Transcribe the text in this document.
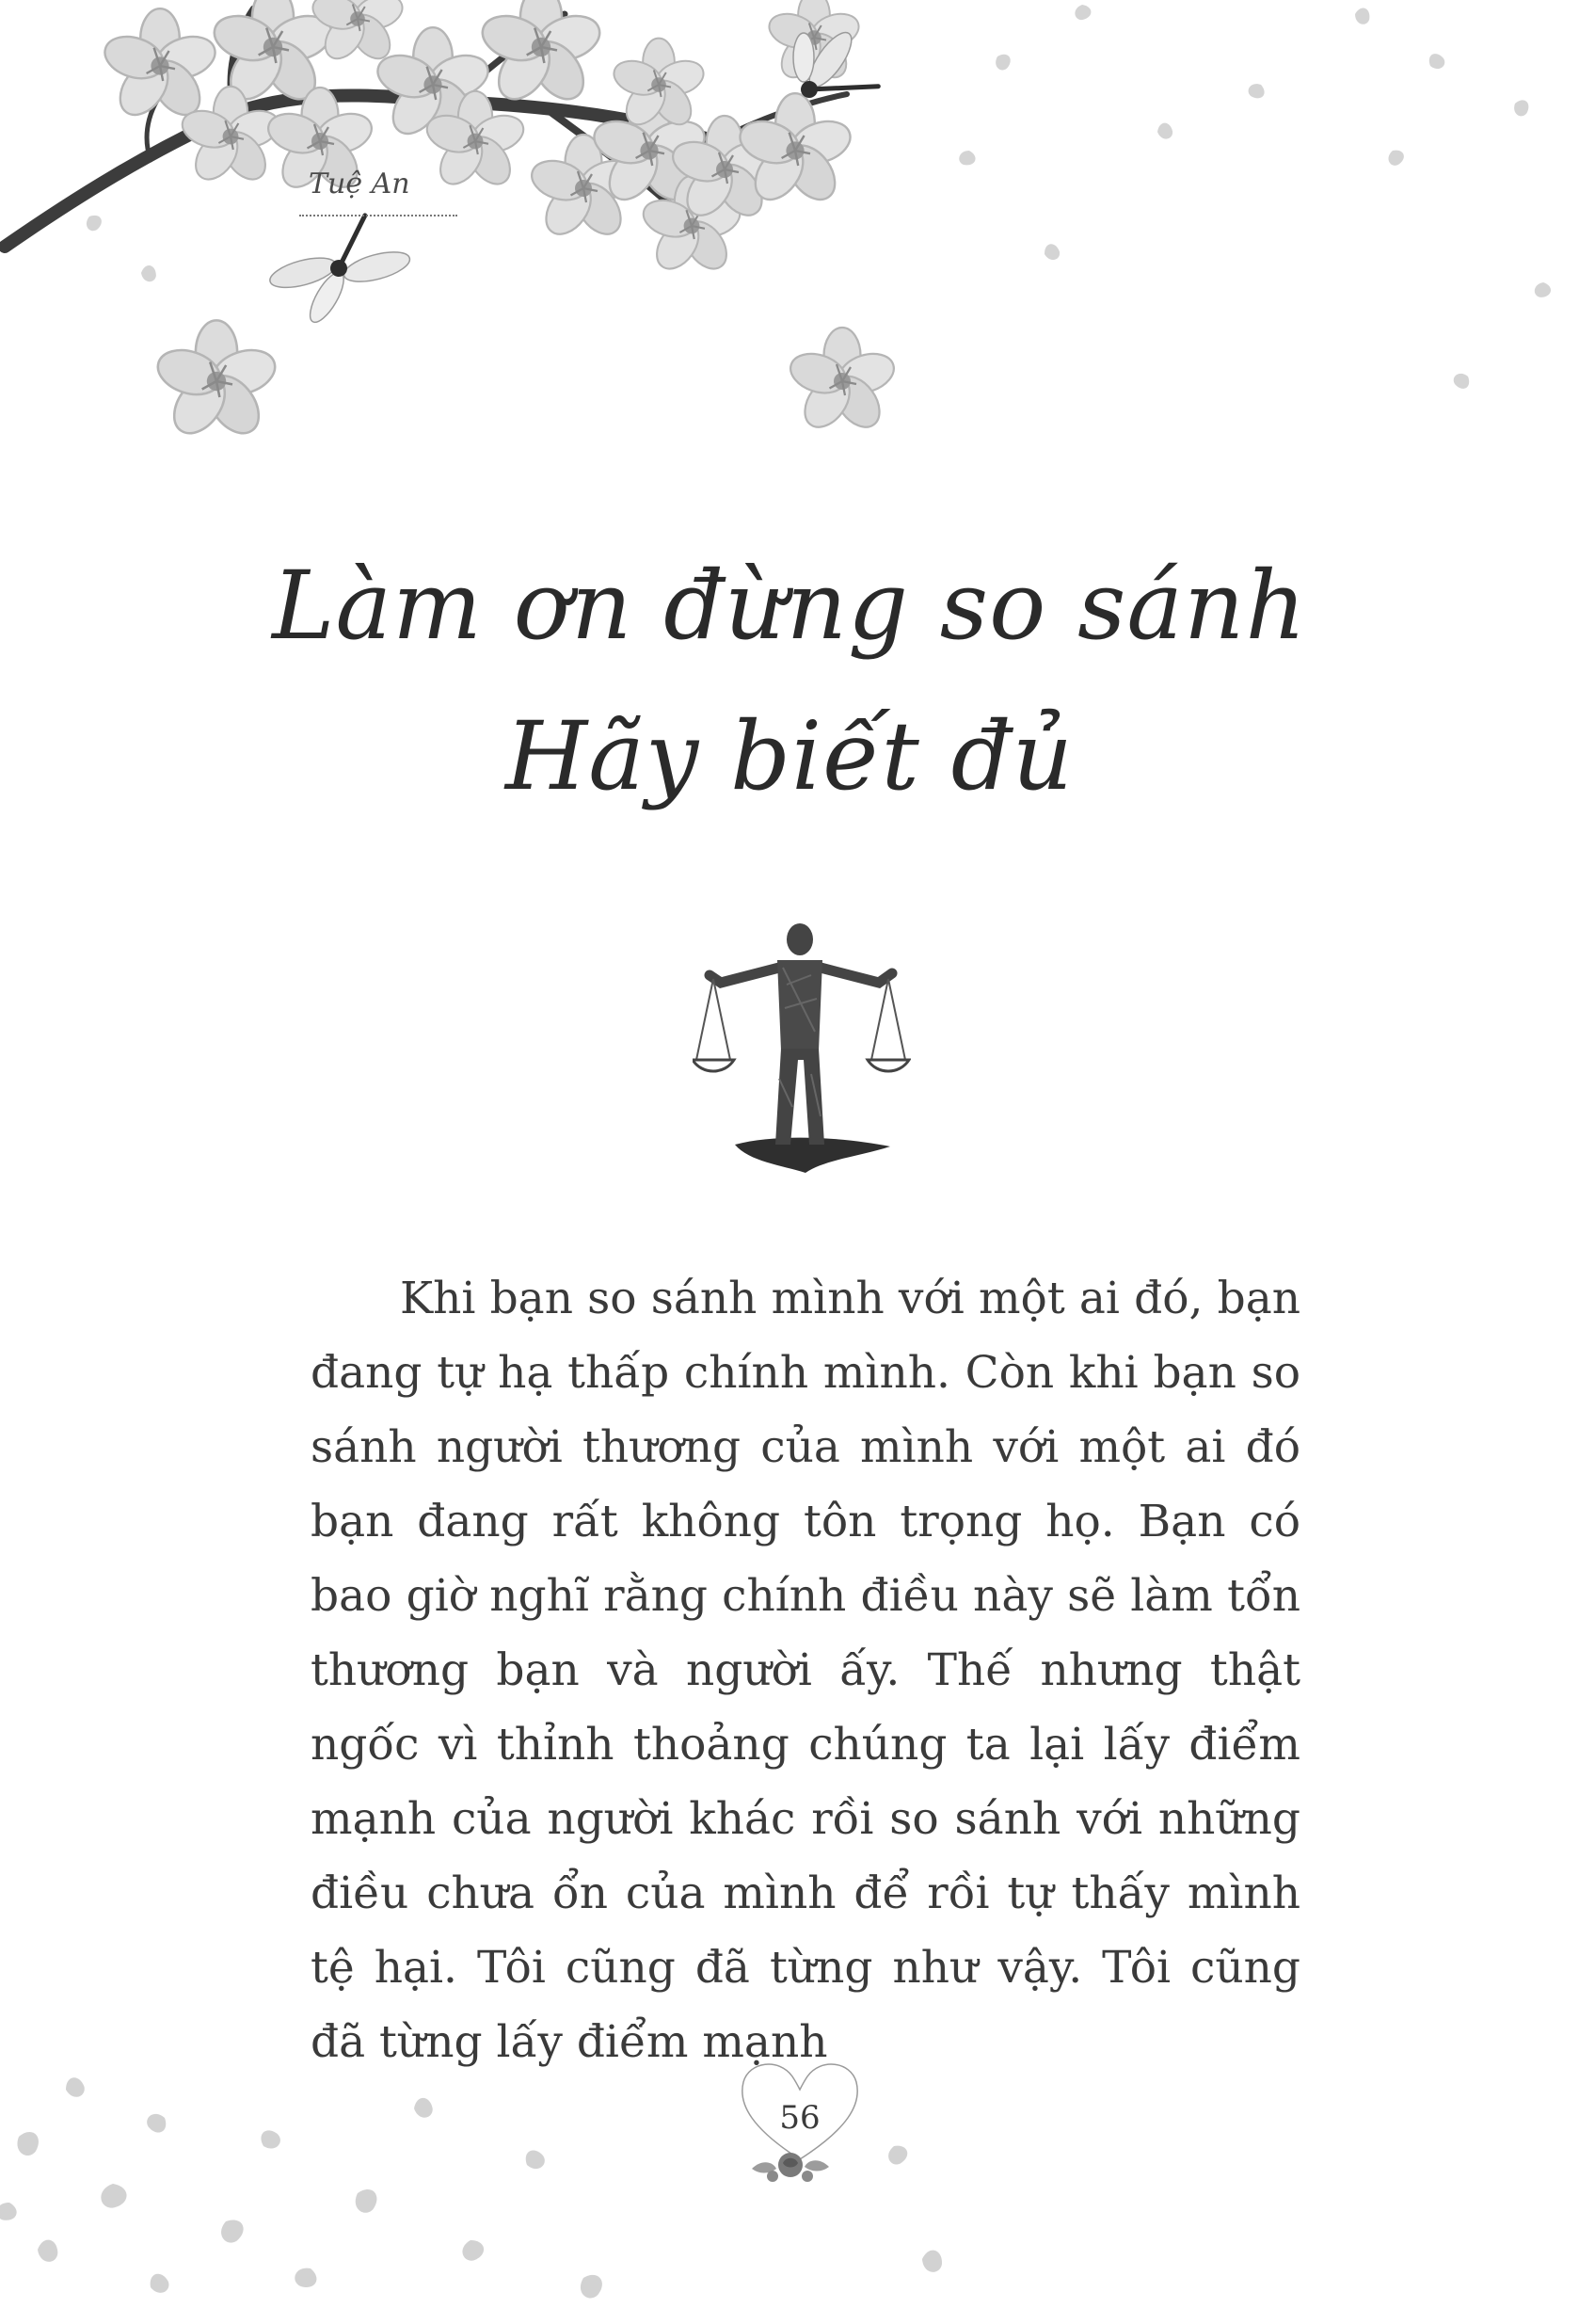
Tuệ An
Làm ơn đừng so sánh
Hãy biết đủ

Khi bạn so sánh mình với một ai đó, bạn đang tự hạ thấp chính mình. Còn khi bạn so sánh người thương của mình với một ai đó bạn đang rất không tôn trọng họ. Bạn có bao giờ nghĩ rằng chính điều này sẽ làm tổn thương bạn và người ấy. Thế nhưng thật ngốc vì thỉnh thoảng chúng ta lại lấy điểm mạnh của người khác rồi so sánh với những điều chưa ổn của mình để rồi tự thấy mình tệ hại. Tôi cũng đã từng như vậy. Tôi cũng đã từng lấy điểm mạnh

56
